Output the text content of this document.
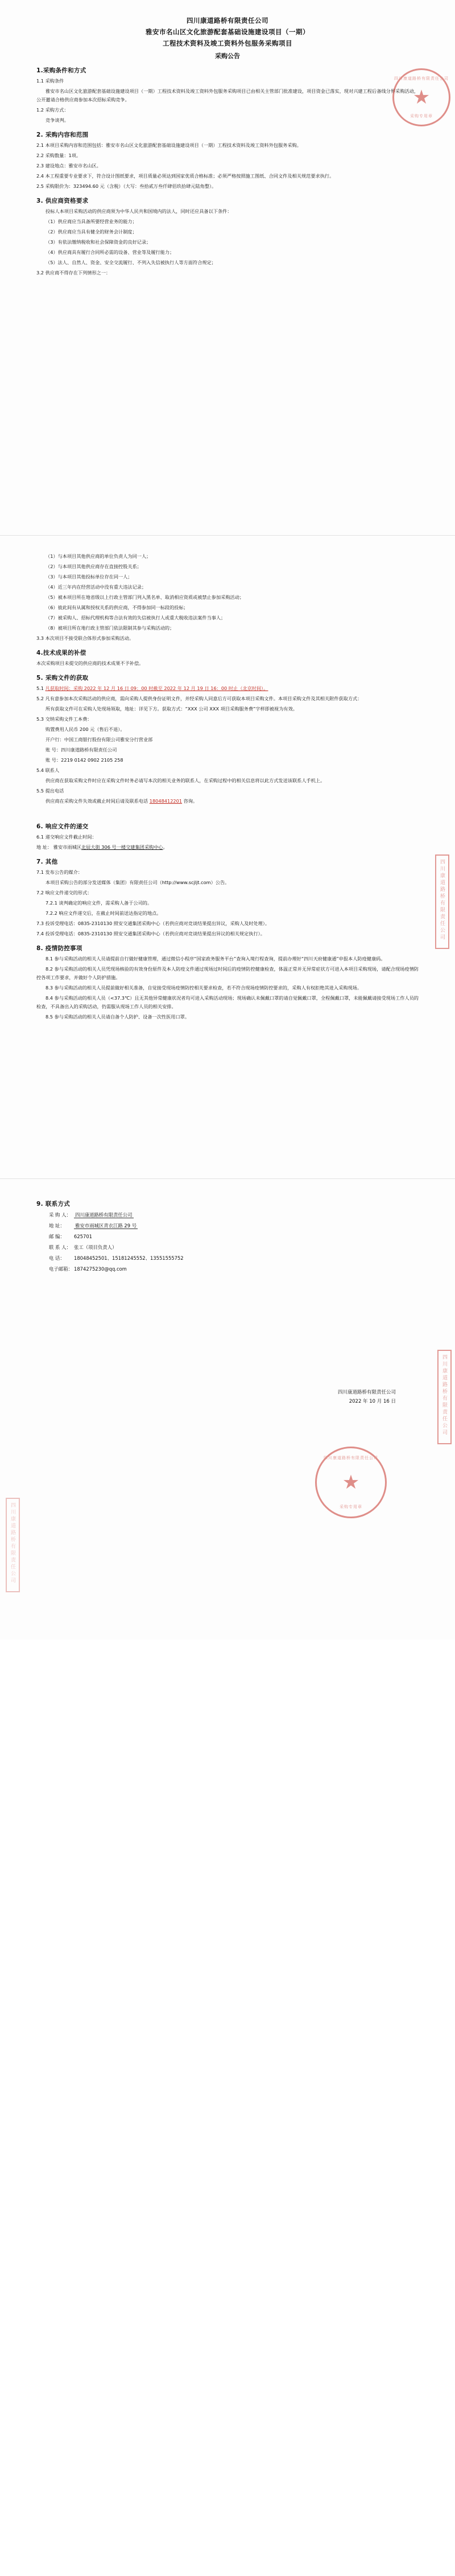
四川康道路桥有限责任公司
雅安市名山区文化旅游配套基础设施建设项目（一期）
工程技术资料及竣工资料外包服务采购项目
采购公告
1.采购条件和方式

1.1 采购条件

雅安市名山区文化旅游配套基础设施建设项目（一期）工程技术资料及竣工资料外包服务采购项目已由相关主管部门批准建设，项目资金已落实，现对兴建工程后备线分界采购活动，公开邀请合格供应商参加本次招标采购竞争。

1.2 采购方式：

竞争谈判。

2. 采购内容和范围

2.1 本项目采购内容和范围包括：雅安市名山区文化旅游配套基础设施建设项目（一期）工程技术资料及竣工资料外包服务采购。

2.2 采购数量：1项。

2.3 建设地点：雅安市名山区。

2.4 本工程重要专业要求下，符合设计图纸要求，项目质量必须达到国家优质合格标准；必须严格按照施工图纸、合同文件及相关规范要求执行。

2.5 采购限价为：323494.60 元（含税）（大写：叁拾贰万叁仟肆佰玖拾肆元陆角整）。

3. 供应商资格要求

投标人本项目采购活动的供应商须为中华人民共和国境内的法人，同时还应具备以下条件：

（1）供应商应当具备所要经营业务的能力；

（2）供应商应当具有健全的财务会计制度；

（3）有依法缴纳税收和社会保障资金的良好记录；

（4）供应商具有履行合同所必需的设备、营业等及履行能力；

（5）法人、自然人、资金、安全交流履行、不列入失信被执行人等方面符合规定；

3.2 供应商不得存在下列情形之一：

四川康道路桥有限责任公司
★
采购专用章

（1）与本项目其他供应商的单位负责人为同一人；

（2）与本项目其他供应商存在直接控股关系；

（3）与本项目其他投标单位存在同一人；

（4）近三年内在经营活动中没有重大违法记录；

（5）被本项目所在地省级以上行政主管部门列入黑名单、取消相应资质或被禁止参加采购活动；

（6）彼此间有从属和授权关系的供应商，不得参加同一标段的投标；

（7）被采购人、招标代理机构等合法有效的失信被执行人或重大税收违法案件当事人；

（8）被项目所在地行政主管部门依法限制其参与采购活动的；

3.3 本次项目不接受联合体形式参加采购活动。

4.技术成果的补偿

本次采购项目未提交的供应商的技术成果不予补偿。

5. 采购文件的获取

5.1 凡获取时间：采购 2022 年 12 月 16 日 09：00 时截至 2022 年 12 月 19 日 16：00 时止（北京时间）。

5.2 凡有意参加本次采购活动的供应商，需向采购人提供身份证明文件，并经采购人同意后方可获取本项目采购文件。本项目采购文件及其相关附件获取方式：

所有获取文件可在采购人处现场领取，地址：详见下方。获取方式：“XXX 公司 XXX 项目采购服务费”字样即被视为有效。

5.3 交纳采购文件工本费：

购置费用人民币 200 元（售后不退）。

开户行：中国工商银行股份有限公司雅安分行营业部

账 号：四川康道路桥有限责任公司

账 号：2219 0142 0902 2105 258

5.4 联系人

供应商在获取采购文件时应在采购文件时务必请写本次的相关业务的联系人，在采购过程中的相关信息将以此方式发送该联系人手机上。

5.5 提出电话

供应商在采购文件失效或截止时间后请及联系电话 18048412201 咨询。

6. 响应文件的递交

6.1 递交响应文件截止时间：

地 址： 雅安市雨城区北辰大街 306 号一楼交建集团采购中心。

7. 其他

7.1 发布公告的媒介：

本项目采购公告的部分发送媒体（集团）有限责任公司（http://www.scjljt.com）公告。

7.2 响应文件递交的形式：

7.2.1 谈判确定的响应文件，需采购人备于公司的。

7.2.2 响应文件递交后，在截止时间前送达指定的地点。

7.3 投诉受理电话：0835-2310130 照安交通集团采购中心（若供应商对竞谈结果提出异议，采购人及时处理）。

7.4 投诉受理电话：0835-2310130 照安交通集团采购中心（若供应商对竞谈结果提出异议的相关规定执行）。

8. 疫情防控事项

8.1 参与采购活动的相关人员请提前自行做好健康管理，通过微信小程序“国家政务服务平台”查询入境行程查询，提前办理好“四川天府健康通”申报本人防疫健康码。

8.2 参与采购活动的相关人员凭现场核验的有效身份原件及本人防疫文件通过现场过时间后的疫情防控健康检查，体温正常并无异常症状方可进入本项目采购现场，请配合现场疫情防控各项工作要求，并做好个人防护措施。

8.3 参与采购活动的相关人员提前做好相关准备，自觉接受现场疫情防控相关要求检查，若不符合现场疫情防控要求的，采购人有权拒绝其进入采购现场。

8.4 参与采购活动的相关人员（<37.3℃）且无其他异常健康状况者均可进入采购活动现场；现场确认未佩戴口罩的请自觉佩戴口罩，全程佩戴口罩，未能佩戴请接受现场工作人员的检查，不具备出入的采购活动，仍需服从现场工作人员的相关安排。

8.5 参与采购活动的相关人员请自备个人防护、设备一次性医用口罩。

四川康道路桥有限责任公司
9. 联系方式

采 购 人： 四川康道路桥有限责任公司

地 址： 雅安市雨城区青衣江路 29 号

邮 编： 625701

联 系 人： 张工（项目负责人）

电 话： 18048452501、15181245552、13551555752

电子邮箱： 1874275230@qq.com

四川康道路桥有限责任公司
2022 年 10 月 16 日
四川康道路桥有限责任公司
★
采购专用章
四川康道路桥有限责任公司
四川康道路桥有限责任公司
